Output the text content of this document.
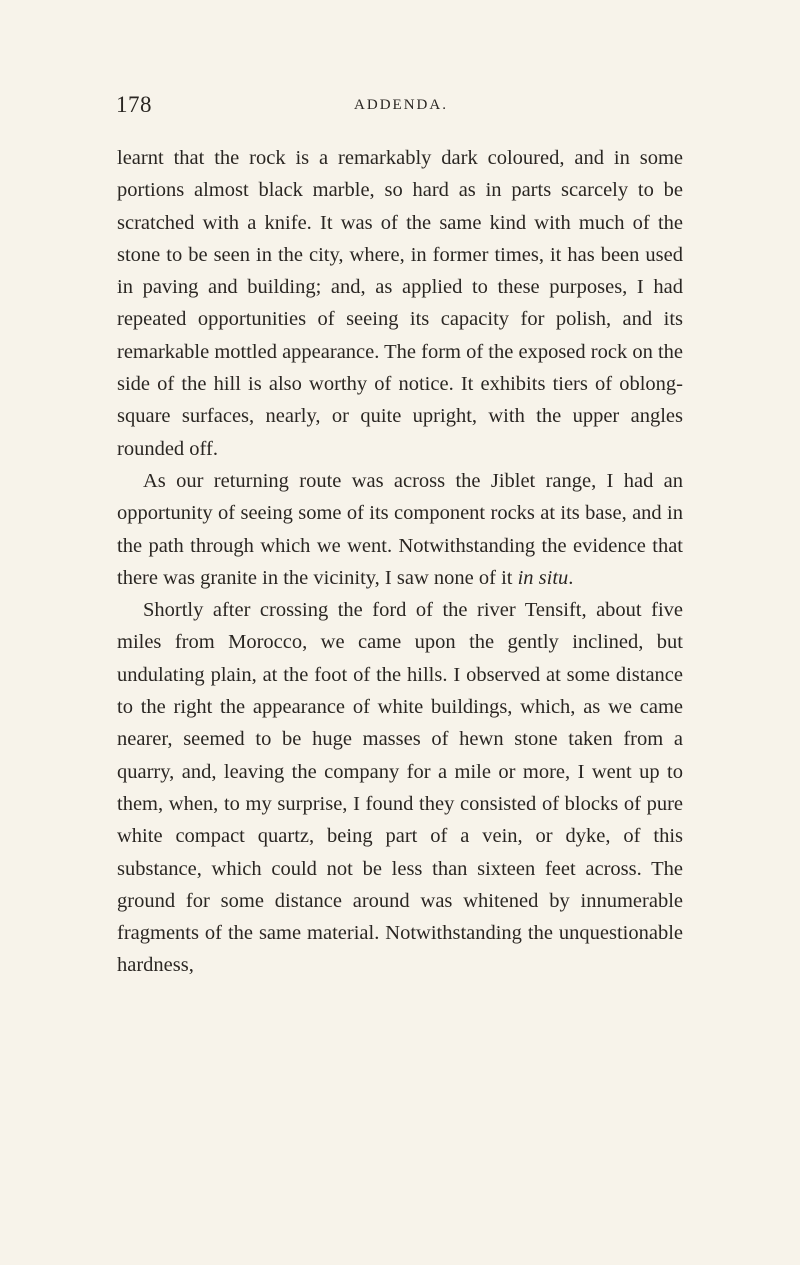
178	ADDENDA.

learnt that the rock is a remarkably dark coloured, and in some portions almost black marble, so hard as in parts scarcely to be scratched with a knife. It was of the same kind with much of the stone to be seen in the city, where, in former times, it has been used in paving and building; and, as applied to these purposes, I had repeated opportunities of seeing its capacity for polish, and its remarkable mottled appearance. The form of the exposed rock on the side of the hill is also worthy of notice. It exhibits tiers of oblong-square surfaces, nearly, or quite upright, with the upper angles rounded off.

As our returning route was across the Jiblet range, I had an opportunity of seeing some of its component rocks at its base, and in the path through which we went. Notwithstanding the evidence that there was granite in the vicinity, I saw none of it in situ.

Shortly after crossing the ford of the river Tensift, about five miles from Morocco, we came upon the gently inclined, but undulating plain, at the foot of the hills. I observed at some distance to the right the appearance of white buildings, which, as we came nearer, seemed to be huge masses of hewn stone taken from a quarry, and, leaving the company for a mile or more, I went up to them, when, to my surprise, I found they consisted of blocks of pure white compact quartz, being part of a vein, or dyke, of this substance, which could not be less than sixteen feet across. The ground for some distance around was whitened by innumerable fragments of the same material. Notwithstanding the unquestionable hardness,
